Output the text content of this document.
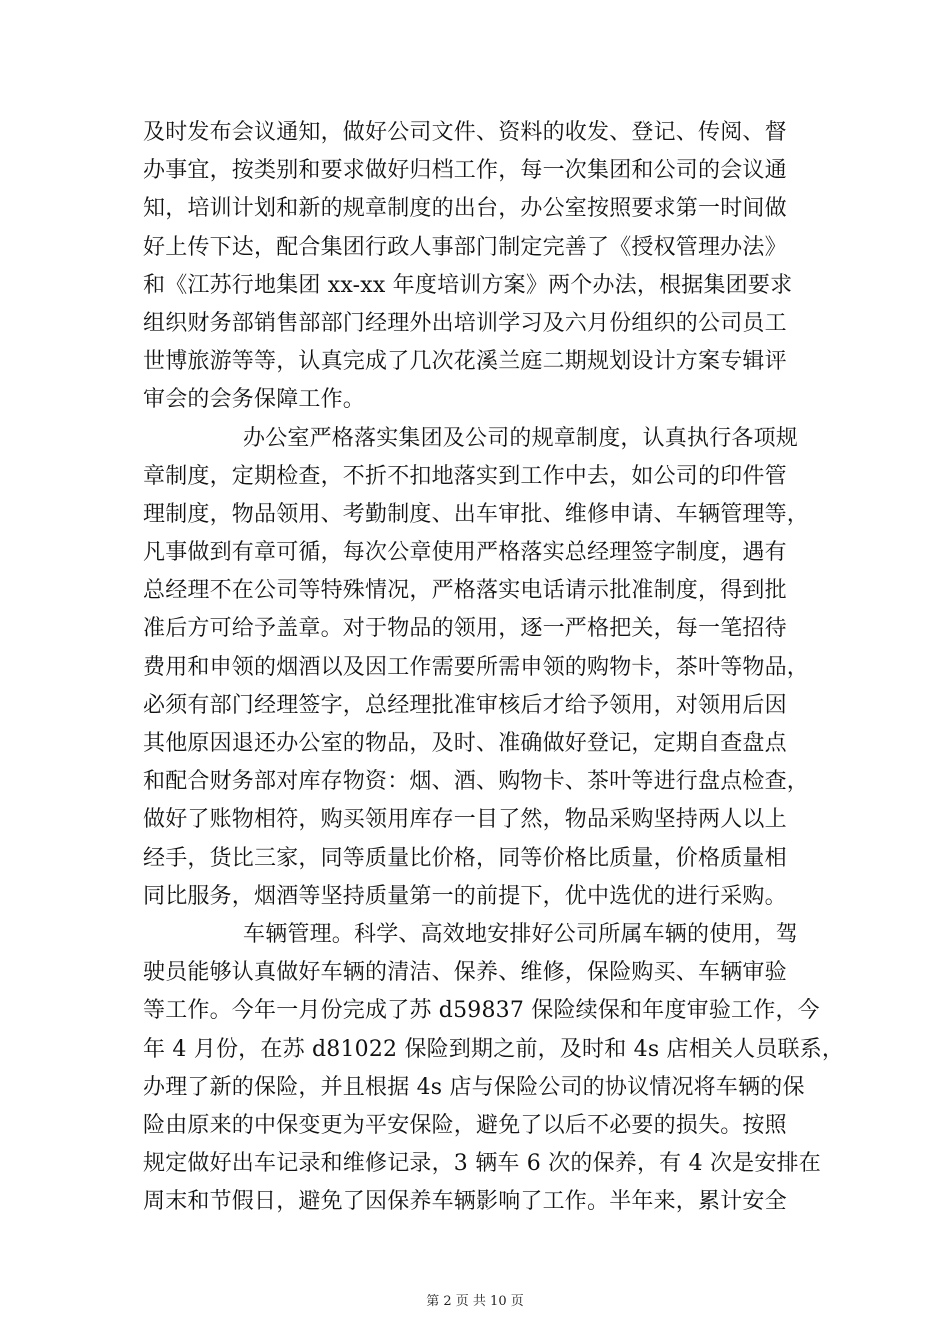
及时发布会议通知，做好公司文件、资料的收发、登记、传阅、督
办事宜，按类别和要求做好归档工作，每一次集团和公司的会议通
知，培训计划和新的规章制度的出台，办公室按照要求第一时间做
好上传下达，配合集团行政人事部门制定完善了《授权管理办法》
和《江苏行地集团 xx-xx 年度培训方案》两个办法，根据集团要求
组织财务部销售部部门经理外出培训学习及六月份组织的公司员工
世博旅游等等，认真完成了几次花溪兰庭二期规划设计方案专辑评
审会的会务保障工作。
办公室严格落实集团及公司的规章制度，认真执行各项规
章制度，定期检查，不折不扣地落实到工作中去，如公司的印件管
理制度，物品领用、考勤制度、出车审批、维修申请、车辆管理等，
凡事做到有章可循，每次公章使用严格落实总经理签字制度，遇有
总经理不在公司等特殊情况，严格落实电话请示批准制度，得到批
准后方可给予盖章。对于物品的领用，逐一严格把关，每一笔招待
费用和申领的烟酒以及因工作需要所需申领的购物卡，茶叶等物品，
必须有部门经理签字，总经理批准审核后才给予领用，对领用后因
其他原因退还办公室的物品，及时、准确做好登记，定期自查盘点
和配合财务部对库存物资：烟、酒、购物卡、茶叶等进行盘点检查，
做好了账物相符，购买领用库存一目了然，物品采购坚持两人以上
经手，货比三家，同等质量比价格，同等价格比质量，价格质量相
同比服务，烟酒等坚持质量第一的前提下，优中选优的进行采购。
车辆管理。科学、高效地安排好公司所属车辆的使用，驾
驶员能够认真做好车辆的清洁、保养、维修，保险购买、车辆审验
等工作。今年一月份完成了苏 d59837 保险续保和年度审验工作，今
年 4 月份，在苏 d81022 保险到期之前，及时和 4s 店相关人员联系，
办理了新的保险，并且根据 4s 店与保险公司的协议情况将车辆的保
险由原来的中保变更为平安保险，避免了以后不必要的损失。按照
规定做好出车记录和维修记录，3 辆车 6 次的保养，有 4 次是安排在
周末和节假日，避免了因保养车辆影响了工作。半年来，累计安全
第 2 页 共 10 页
